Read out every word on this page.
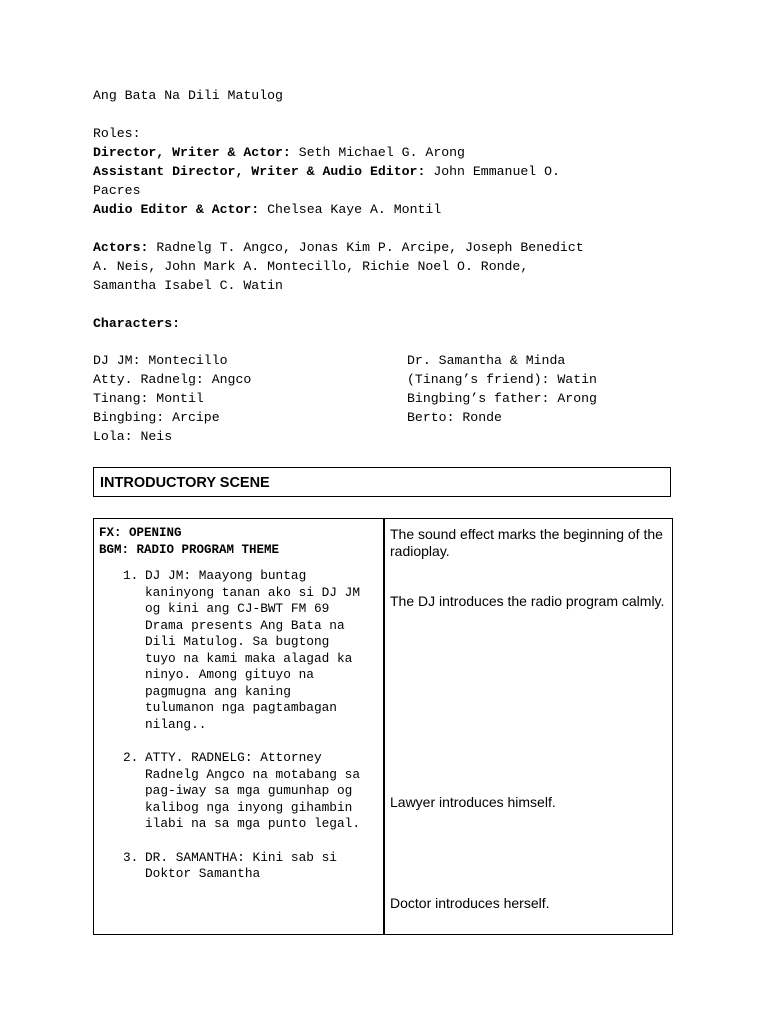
Ang Bata Na Dili Matulog
Roles:
Director, Writer & Actor: Seth Michael G. Arong
Assistant Director, Writer & Audio Editor: John Emmanuel O.
Pacres
Audio Editor & Actor: Chelsea Kaye A. Montil
Actors: Radnelg T. Angco, Jonas Kim P. Arcipe, Joseph Benedict
A. Neis, John Mark A. Montecillo, Richie Noel O. Ronde,
Samantha Isabel C. Watin
Characters:
DJ JM: Montecillo
Atty. Radnelg: Angco
Tinang: Montil
Bingbing: Arcipe
Lola: Neis
Dr. Samantha & Minda
(Tinang’s friend): Watin
Bingbing’s father: Arong
Berto: Ronde
INTRODUCTORY SCENE
FX: OPENING
BGM: RADIO PROGRAM THEME
1. DJ JM: Maayong buntag kaninyong tanan ako si DJ JM og kini ang CJ-BWT FM 69 Drama presents Ang Bata na Dili Matulog. Sa bugtong tuyo na kami maka alagad ka ninyo. Among gituyo na pagmugna ang kaning tulumanon nga pagtambagan nilang..
2. ATTY. RADNELG: Attorney Radnelg Angco na motabang sa pag-iway sa mga gumunhap og kalibog nga inyong gihambin ilabi na sa mga punto legal.
3. DR. SAMANTHA: Kini sab si Doktor Samantha
The sound effect marks the beginning of the radioplay.
The DJ introduces the radio program calmly.
Lawyer introduces himself.
Doctor introduces herself.
